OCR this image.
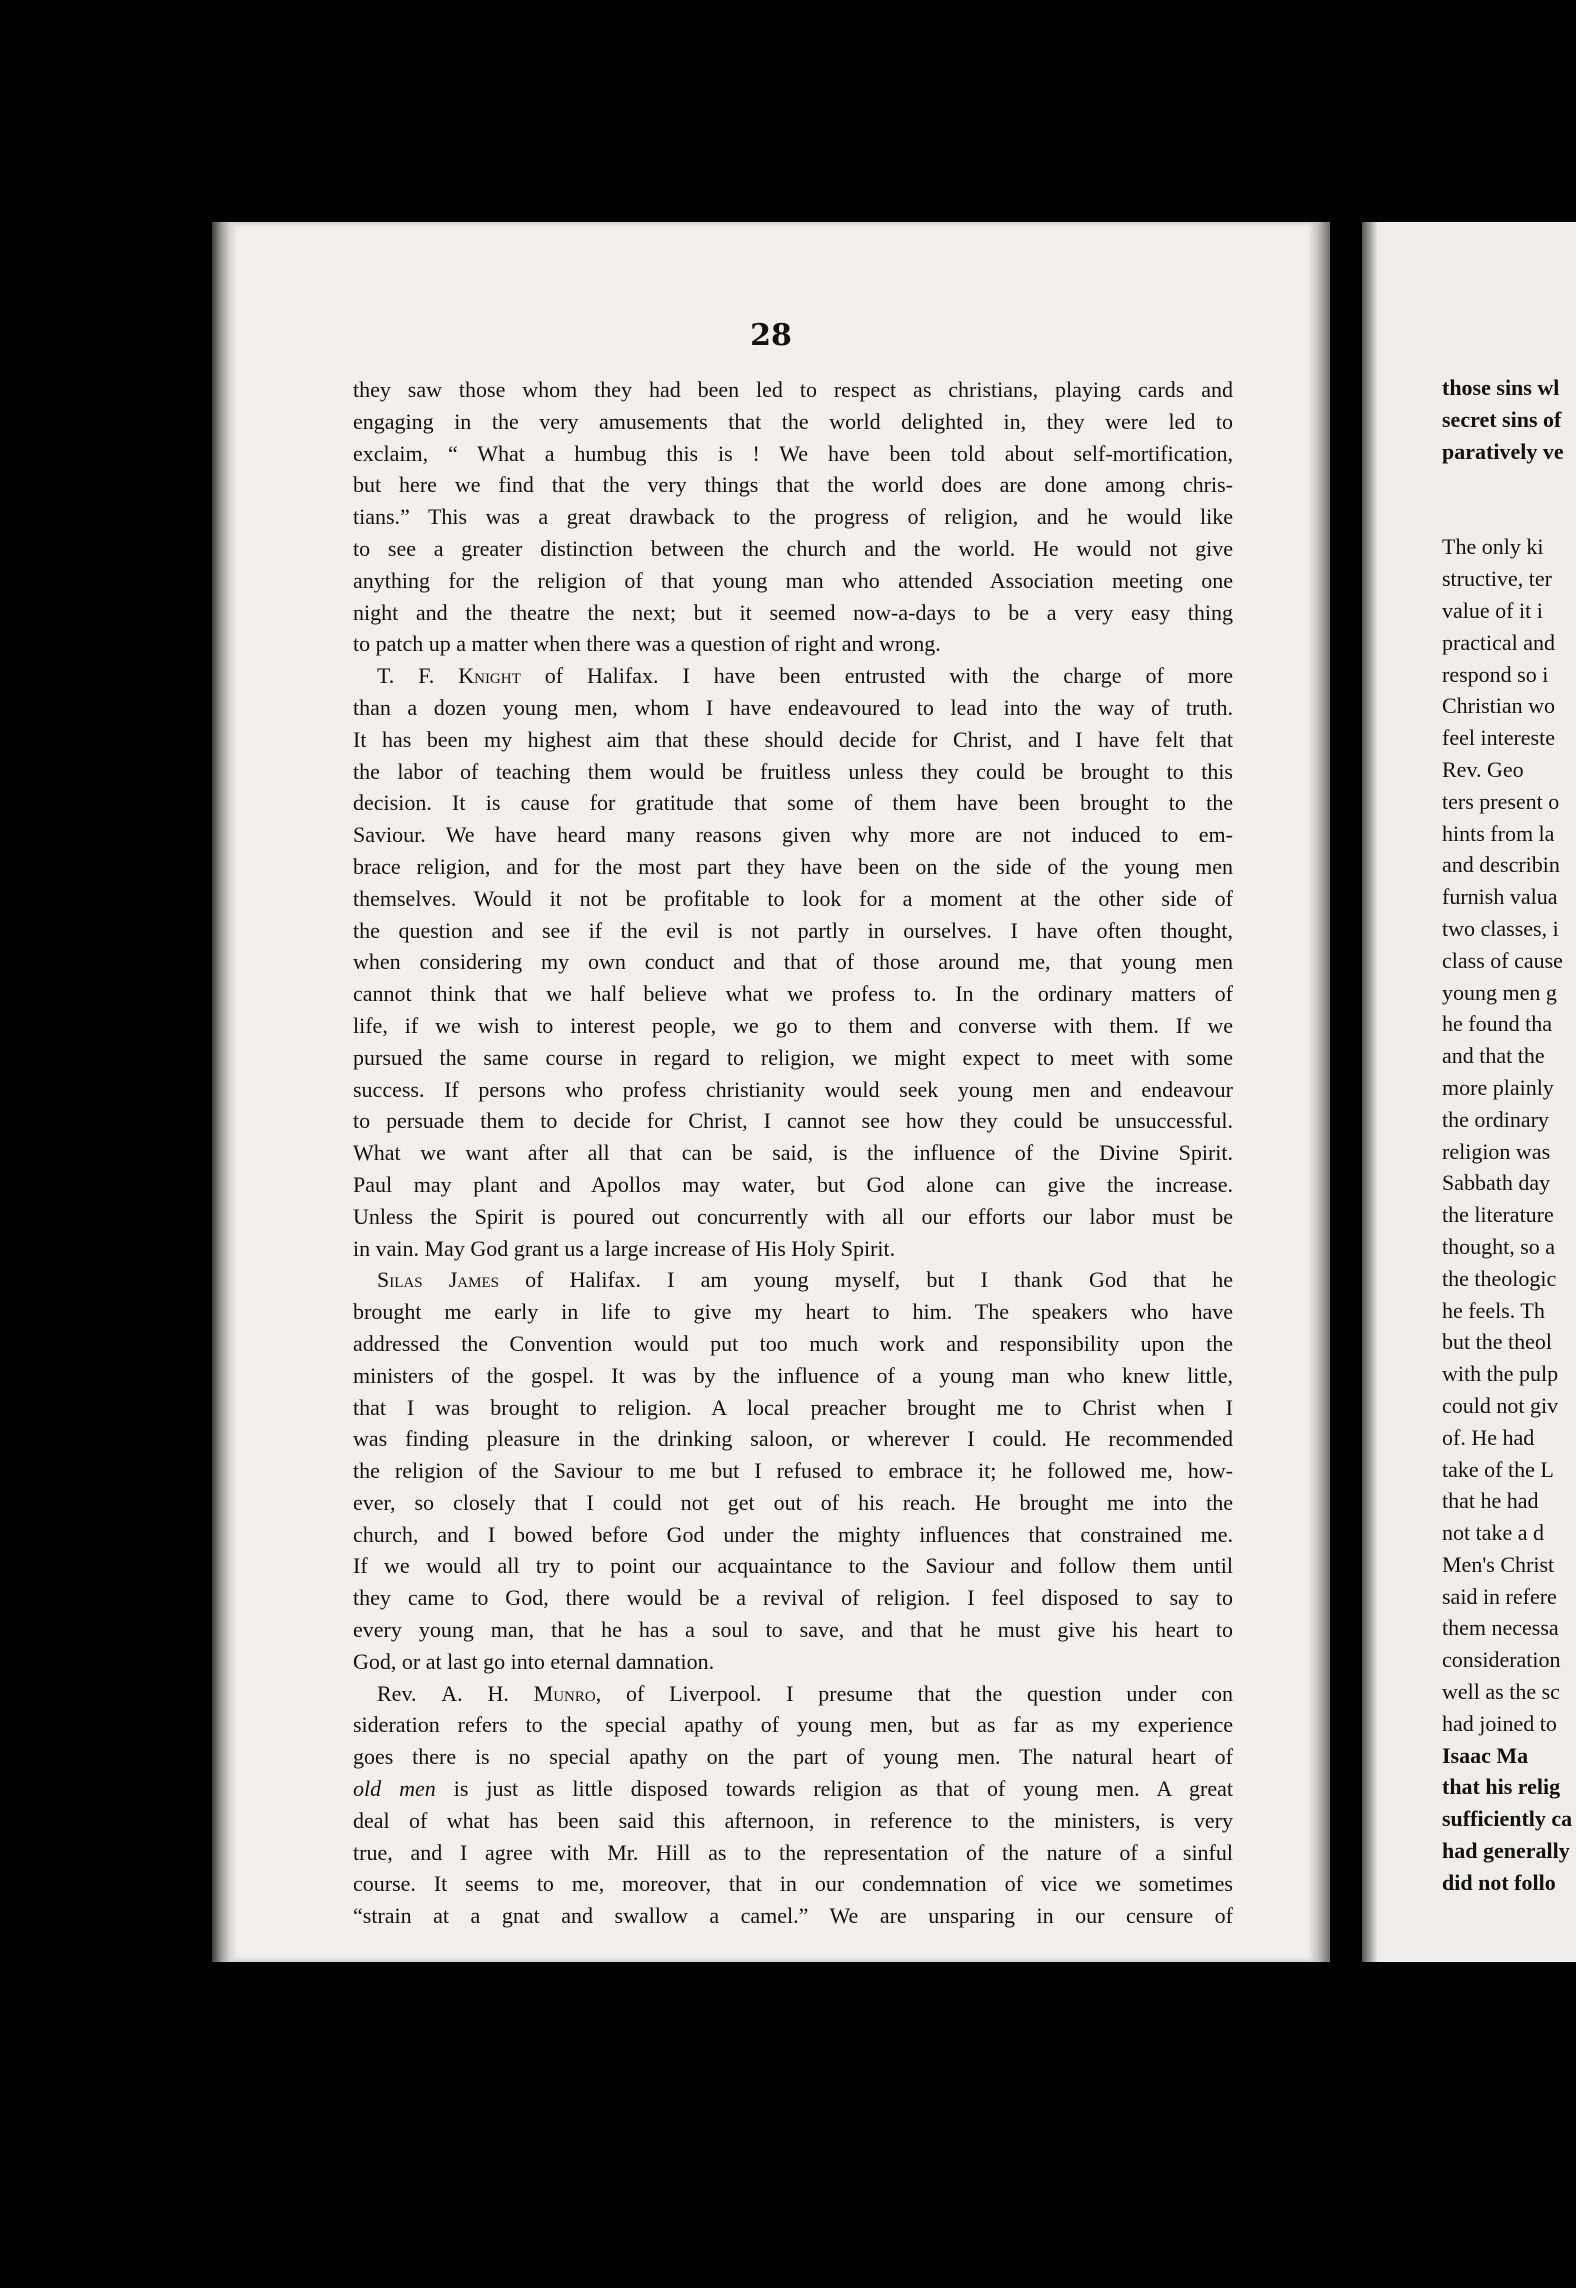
28
they saw those whom they had been led to respect as christians, playing cards and
engaging in the very amusements that the world delighted in, they were led to
exclaim, “ What a humbug this is ! We have been told about self-mortification,
but here we find that the very things that the world does are done among chris-
tians.” This was a great drawback to the progress of religion, and he would like
to see a greater distinction between the church and the world. He would not give
anything for the religion of that young man who attended Association meeting one
night and the theatre the next; but it seemed now-a-days to be a very easy thing
to patch up a matter when there was a question of right and wrong.
T. F. Knight of Halifax. I have been entrusted with the charge of more
than a dozen young men, whom I have endeavoured to lead into the way of truth.
It has been my highest aim that these should decide for Christ, and I have felt that
the labor of teaching them would be fruitless unless they could be brought to this
decision. It is cause for gratitude that some of them have been brought to the
Saviour. We have heard many reasons given why more are not induced to em-
brace religion, and for the most part they have been on the side of the young men
themselves. Would it not be profitable to look for a moment at the other side of
the question and see if the evil is not partly in ourselves. I have often thought,
when considering my own conduct and that of those around me, that young men
cannot think that we half believe what we profess to. In the ordinary matters of
life, if we wish to interest people, we go to them and converse with them. If we
pursued the same course in regard to religion, we might expect to meet with some
success. If persons who profess christianity would seek young men and endeavour
to persuade them to decide for Christ, I cannot see how they could be unsuccessful.
What we want after all that can be said, is the influence of the Divine Spirit.
Paul may plant and Apollos may water, but God alone can give the increase.
Unless the Spirit is poured out concurrently with all our efforts our labor must be
in vain. May God grant us a large increase of His Holy Spirit.
Silas James of Halifax. I am young myself, but I thank God that he
brought me early in life to give my heart to him. The speakers who have
addressed the Convention would put too much work and responsibility upon the
ministers of the gospel. It was by the influence of a young man who knew little,
that I was brought to religion. A local preacher brought me to Christ when I
was finding pleasure in the drinking saloon, or wherever I could. He recommended
the religion of the Saviour to me but I refused to embrace it; he followed me, how-
ever, so closely that I could not get out of his reach. He brought me into the
church, and I bowed before God under the mighty influences that constrained me.
If we would all try to point our acquaintance to the Saviour and follow them until
they came to God, there would be a revival of religion. I feel disposed to say to
every young man, that he has a soul to save, and that he must give his heart to
God, or at last go into eternal damnation.
Rev. A. H. Munro, of Liverpool. I presume that the question under con
sideration refers to the special apathy of young men, but as far as my experience
goes there is no special apathy on the part of young men. The natural heart of
old men is just as little disposed towards religion as that of young men. A great
deal of what has been said this afternoon, in reference to the ministers, is very
true, and I agree with Mr. Hill as to the representation of the nature of a sinful
course. It seems to me, moreover, that in our condemnation of vice we sometimes
“strain at a gnat and swallow a camel.” We are unsparing in our censure of
those sins wl
secret sins of
paratively ve
The only ki
structive, ter
value of it i
practical and
respond so i
Christian wo
feel intereste
Rev. Geo
ters present o
hints from la
and describin
furnish valua
two classes, i
class of cause
young men g
he found tha
and that the
more plainly
the ordinary
religion was
Sabbath day
the literature
thought, so a
the theologic
he feels. Th
but the theol
with the pulp
could not giv
of. He had
take of the L
that he had
not take a d
Men's Christ
said in refere
them necessa
consideration
well as the sc
had joined to
Isaac Ma
that his relig
sufficiently ca
had generally
did not follo
